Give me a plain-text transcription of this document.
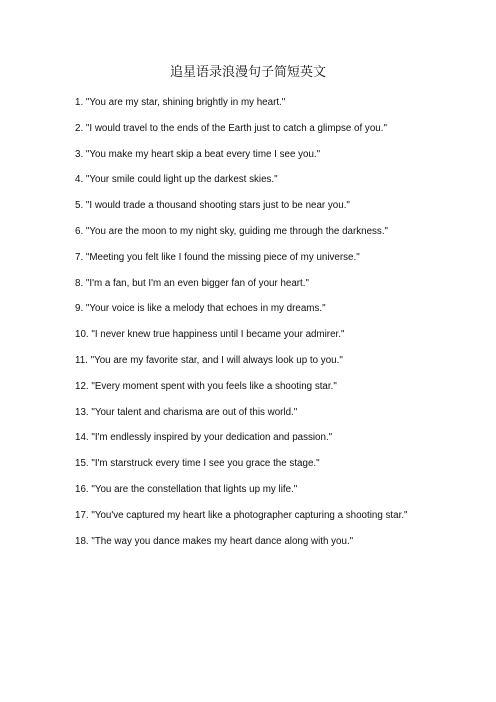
追星语录浪漫句子简短英文
1. "You are my star, shining brightly in my heart."
2. "I would travel to the ends of the Earth just to catch a glimpse of you."
3. "You make my heart skip a beat every time I see you."
4. "Your smile could light up the darkest skies."
5. "I would trade a thousand shooting stars just to be near you."
6. "You are the moon to my night sky, guiding me through the darkness."
7. "Meeting you felt like I found the missing piece of my universe."
8. "I'm a fan, but I'm an even bigger fan of your heart."
9. "Your voice is like a melody that echoes in my dreams."
10. "I never knew true happiness until I became your admirer."
11. "You are my favorite star, and I will always look up to you."
12. "Every moment spent with you feels like a shooting star."
13. "Your talent and charisma are out of this world."
14. "I'm endlessly inspired by your dedication and passion."
15. "I'm starstruck every time I see you grace the stage."
16. "You are the constellation that lights up my life."
17. "You've captured my heart like a photographer capturing a shooting star."
18. "The way you dance makes my heart dance along with you."
